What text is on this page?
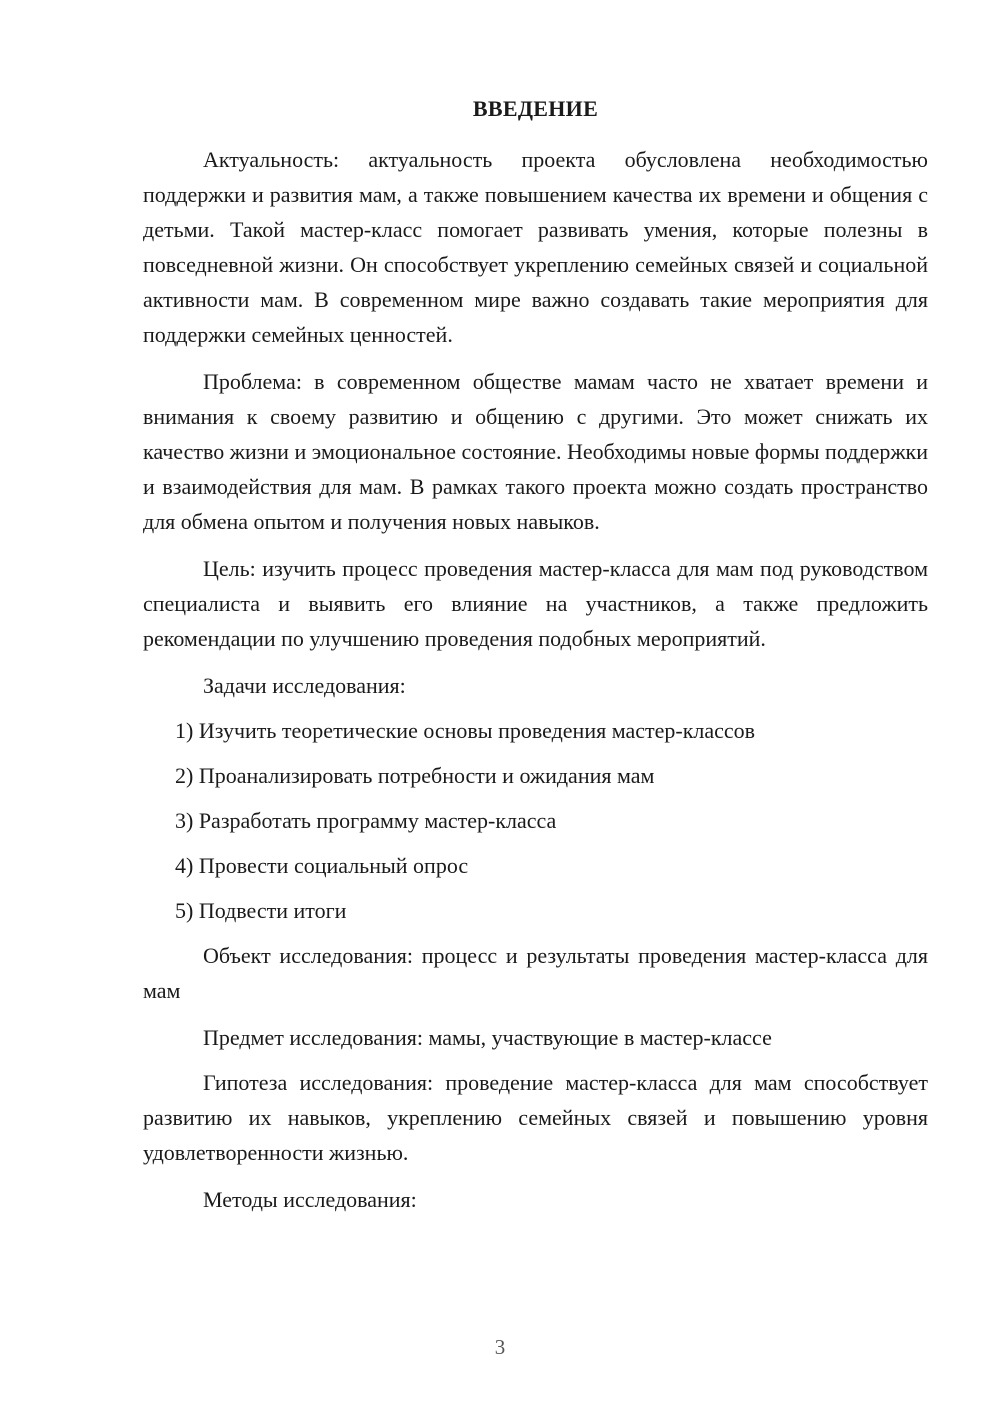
ВВЕДЕНИЕ

Актуальность: актуальность проекта обусловлена необходимостью поддержки и развития мам, а также повышением качества их времени и общения с детьми. Такой мастер-класс помогает развивать умения, которые полезны в повседневной жизни. Он способствует укреплению семейных связей и социальной активности мам. В современном мире важно создавать такие мероприятия для поддержки семейных ценностей.

Проблема: в современном обществе мамам часто не хватает времени и внимания к своему развитию и общению с другими. Это может снижать их качество жизни и эмоциональное состояние. Необходимы новые формы поддержки и взаимодействия для мам. В рамках такого проекта можно создать пространство для обмена опытом и получения новых навыков.

Цель: изучить процесс проведения мастер-класса для мам под руководством специалиста и выявить его влияние на участников, а также предложить рекомендации по улучшению проведения подобных мероприятий.

Задачи исследования:

1) Изучить теоретические основы проведения мастер-классов
2) Проанализировать потребности и ожидания мам
3) Разработать программу мастер-класса
4) Провести социальный опрос
5) Подвести итоги

Объект исследования: процесс и результаты проведения мастер-класса для мам

Предмет исследования: мамы, участвующие в мастер-классе

Гипотеза исследования: проведение мастер-класса для мам способствует развитию их навыков, укреплению семейных связей и повышению уровня удовлетворенности жизнью.

Методы исследования:

3
